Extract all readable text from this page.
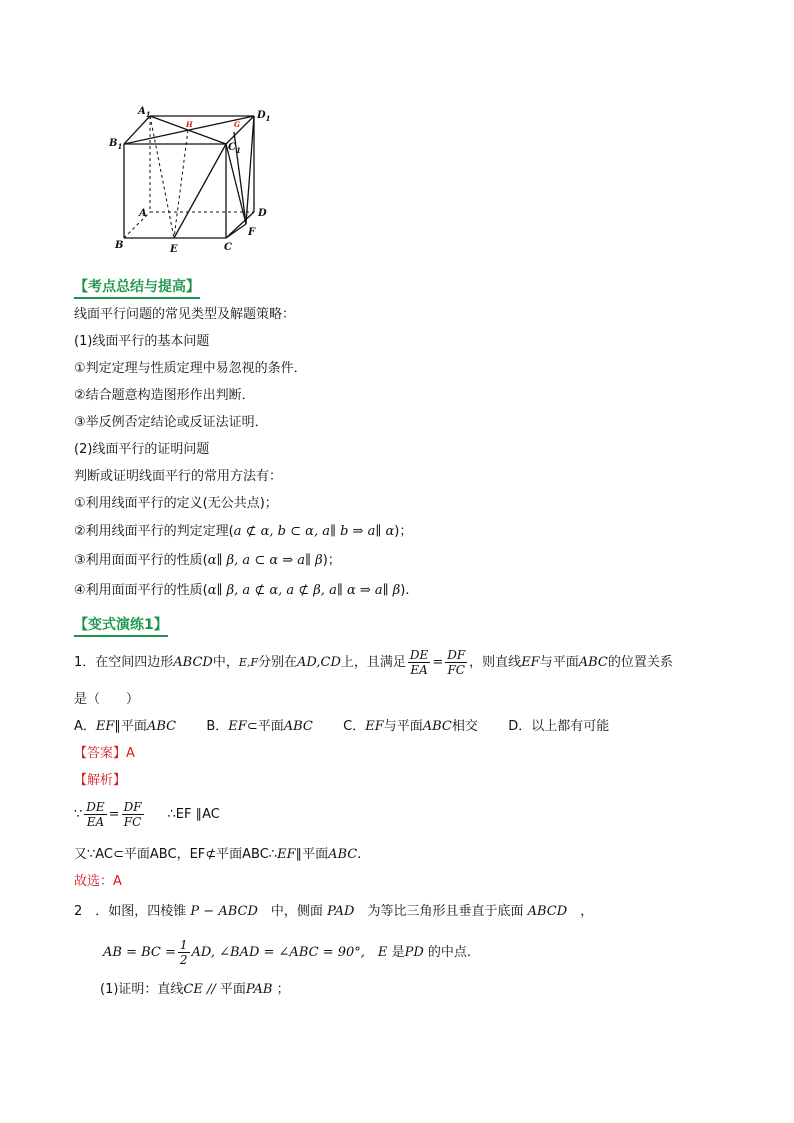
H	G
$A_1$	$D_1$
$B_1$	$C_1$
A	D
B	E	C
F
【考点总结与提高】
线面平行问题的常见类型及解题策略：
(1)线面平行的基本问题
①判定定理与性质定理中易忽视的条件．
②结合题意构造图形作出判断．
③举反例否定结论或反证法证明．
(2)线面平行的证明问题
判断或证明线面平行的常用方法有：
①利用线面平行的定义(无公共点)；
②利用线面平行的判定定理(a ⊄ α, b ⊂ α, a∥ b ⇒ a∥ α)；
③利用面面平行的性质(α∥ β, a ⊂ α ⇒ a∥ β)；
④利用面面平行的性质(α∥ β, a ⊄ α, a ⊄ β, a∥ α ⇒ a∥ β).
【变式演练1】
1．在空间四边形ABCD中，E,F分别在AD,CD上，且满足 $\frac{DE}{EA} = \frac{DF}{FC}$ ，则直线EF与平面ABC的位置关系
是（　　）
A．EF∥平面ABC B．EF⊂平面ABC C．EF与平面ABC相交 D．以上都有可能
【答案】A
【解析】
∵ $\frac{DE}{EA} = \frac{DF}{FC}$ ∴EF ∥AC
又∵AC⊂平面ABC，EF⊄平面ABC∴EF∥平面ABC.
故选：A
2　．如图，四棱锥 P − ABCD　 中，侧面 PAD　 为等比三角形且垂直于底面 ABCD　 ，
AB = BC = $\frac{1}{2}$ AD, ∠BAD = ∠ABC = 90°,　 E 是PD 的中点.
(1)证明：直线CE // 平面PAB ；
